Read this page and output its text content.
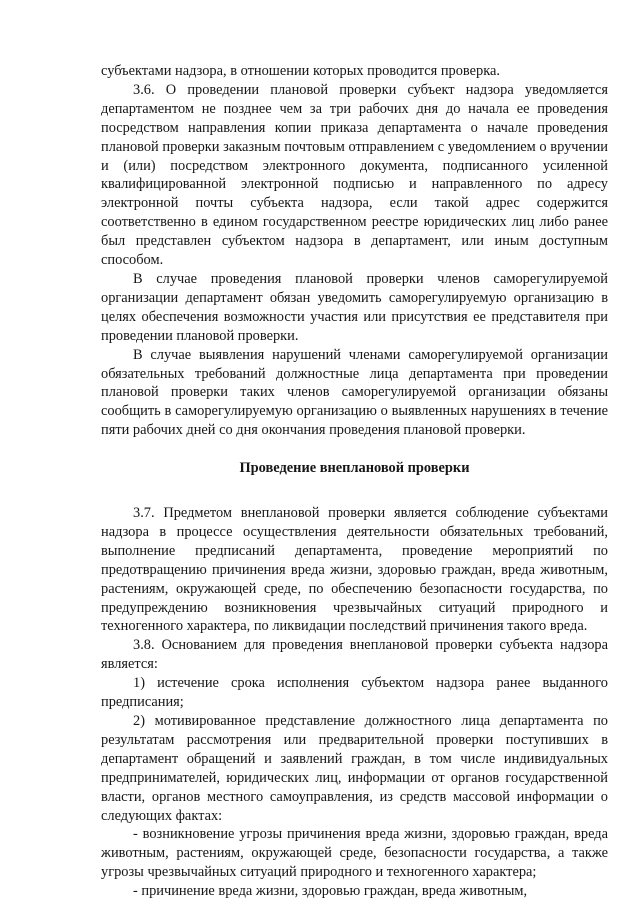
субъектами надзора, в отношении которых проводится проверка.

3.6. О проведении плановой проверки субъект надзора уведомляется департаментом не позднее чем за три рабочих дня до начала ее проведения посредством направления копии приказа департамента о начале проведения плановой проверки заказным почтовым отправлением с уведомлением о вручении и (или) посредством электронного документа, подписанного усиленной квалифицированной электронной подписью и направленного по адресу электронной почты субъекта надзора, если такой адрес содержится соответственно в едином государственном реестре юридических лиц либо ранее был представлен субъектом надзора в департамент, или иным доступным способом.

В случае проведения плановой проверки членов саморегулируемой организации департамент обязан уведомить саморегулируемую организацию в целях обеспечения возможности участия или присутствия ее представителя при проведении плановой проверки.

В случае выявления нарушений членами саморегулируемой организации обязательных требований должностные лица департамента при проведении плановой проверки таких членов саморегулируемой организации обязаны сообщить в саморегулируемую организацию о выявленных нарушениях в течение пяти рабочих дней со дня окончания проведения плановой проверки.

Проведение внеплановой проверки

3.7. Предметом внеплановой проверки является соблюдение субъектами надзора в процессе осуществления деятельности обязательных требований, выполнение предписаний департамента, проведение мероприятий по предотвращению причинения вреда жизни, здоровью граждан, вреда животным, растениям, окружающей среде, по обеспечению безопасности государства, по предупреждению возникновения чрезвычайных ситуаций природного и техногенного характера, по ликвидации последствий причинения такого вреда.

3.8. Основанием для проведения внеплановой проверки субъекта надзора является:

1) истечение срока исполнения субъектом надзора ранее выданного предписания;

2) мотивированное представление должностного лица департамента по результатам рассмотрения или предварительной проверки поступивших в департамент обращений и заявлений граждан, в том числе индивидуальных предпринимателей, юридических лиц, информации от органов государственной власти, органов местного самоуправления, из средств массовой информации о следующих фактах:

- возникновение угрозы причинения вреда жизни, здоровью граждан, вреда животным, растениям, окружающей среде, безопасности государства, а также угрозы чрезвычайных ситуаций природного и техногенного характера;

- причинение вреда жизни, здоровью граждан, вреда животным,
